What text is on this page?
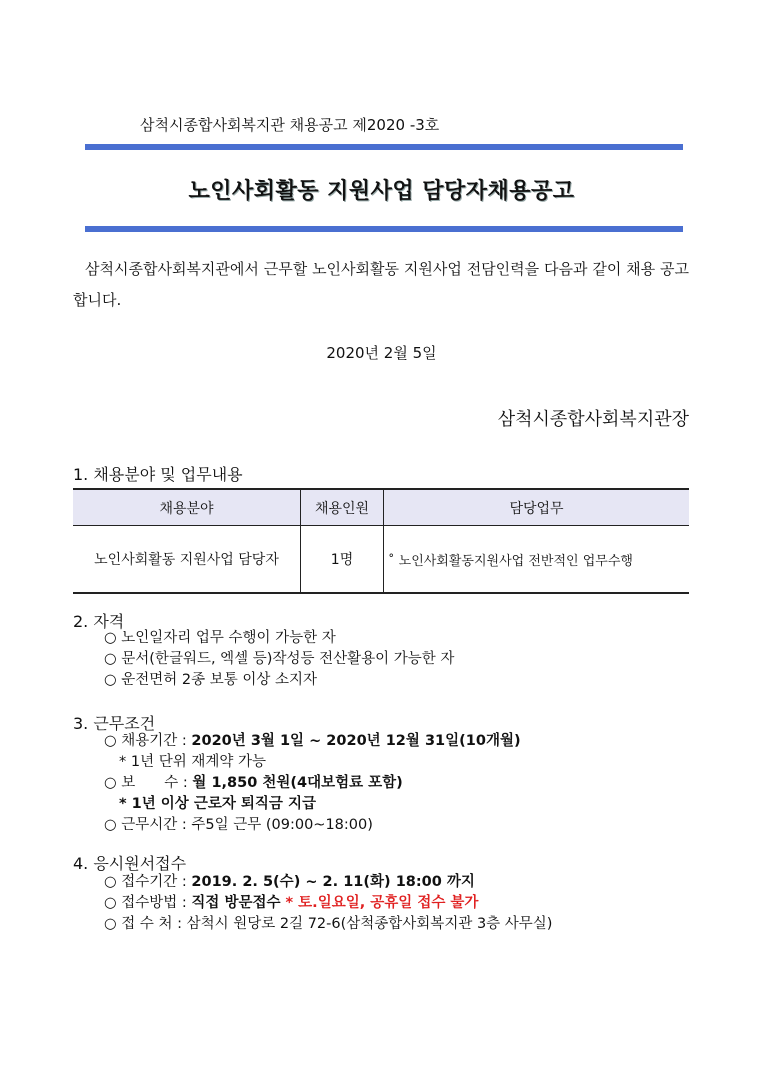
삼척시종합사회복지관 채용공고 제2020 -3호
노인사회활동 지원사업 담당자채용공고
삼척시종합사회복지관에서 근무할 노인사회활동 지원사업 전담인력을 다음과 같이 채용 공고합니다.
2020년 2월 5일
삼척시종합사회복지관장
1. 채용분야 및 업무내용
채용분야	채용인원	담당업무
노인사회활동 지원사업 담당자	1명	˚ 노인사회활동지원사업 전반적인 업무수행
2. 자격
○ 노인일자리 업무 수행이 가능한 자
○ 문서(한글워드, 엑셀 등)작성등 전산활용이 가능한 자
○ 운전면허 2종 보통 이상 소지자
3. 근무조건
○ 채용기간 : 2020년 3월 1일 ~ 2020년 12월 31일(10개월)
* 1년 단위 재계약 가능
○ 보　　수 : 월 1,850 천원(4대보험료 포함)
* 1년 이상 근로자 퇴직금 지급
○ 근무시간 : 주5일 근무 (09:00~18:00)
4. 응시원서접수
○ 접수기간 : 2019. 2. 5(수) ~ 2. 11(화) 18:00 까지
○ 접수방법 : 직접 방문접수 * 토.일요일, 공휴일 접수 불가
○ 접 수 처 : 삼척시 원당로 2길 72-6(삼척종합사회복지관 3층 사무실)
